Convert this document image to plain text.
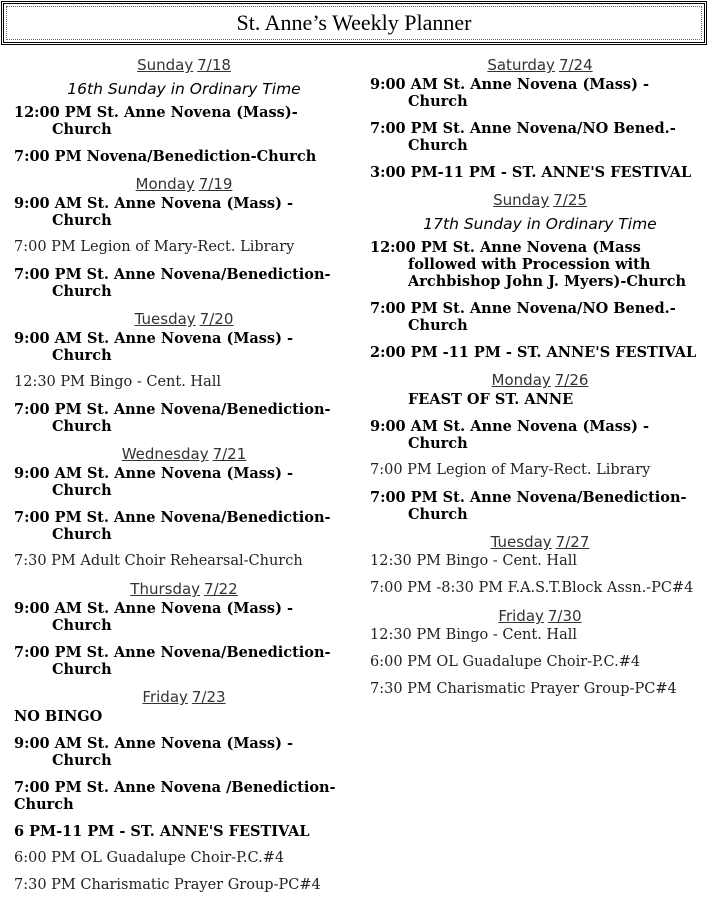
St. Anne’s Weekly Planner
Sunday 7/18
16th Sunday in Ordinary Time
12:00 PM St. Anne Novena (Mass)-Church
7:00 PM Novena/Benediction-Church
Monday 7/19
9:00 AM St. Anne Novena (Mass) - Church
7:00 PM Legion of Mary-Rect. Library
7:00 PM St. Anne Novena/Benediction-Church
Tuesday 7/20
9:00 AM St. Anne Novena (Mass) - Church
12:30 PM Bingo - Cent. Hall
7:00 PM St. Anne Novena/Benediction-Church
Wednesday 7/21
9:00 AM St. Anne Novena (Mass) - Church
7:00 PM St. Anne Novena/Benediction-Church
7:30 PM Adult Choir Rehearsal-Church
Thursday 7/22
9:00 AM St. Anne Novena (Mass) - Church
7:00 PM St. Anne Novena/Benediction-Church
Friday 7/23
NO BINGO
9:00 AM St. Anne Novena (Mass) - Church
7:00 PM St. Anne Novena /Benediction-Church
6 PM-11 PM - ST. ANNE'S FESTIVAL
6:00 PM OL Guadalupe Choir-P.C.#4
7:30 PM Charismatic Prayer Group-PC#4
Saturday 7/24
9:00 AM St. Anne Novena (Mass) - Church
7:00 PM St. Anne Novena/NO Bened.-Church
3:00 PM-11 PM - ST. ANNE'S FESTIVAL
Sunday 7/25
17th Sunday in Ordinary Time
12:00 PM St. Anne Novena (Mass followed with Procession with Archbishop John J. Myers)-Church
7:00 PM St. Anne Novena/NO Bened.-Church
2:00 PM -11 PM - ST. ANNE'S FESTIVAL
Monday 7/26
FEAST OF ST. ANNE
9:00 AM St. Anne Novena (Mass) - Church
7:00 PM Legion of Mary-Rect. Library
7:00 PM St. Anne Novena/Benediction-Church
Tuesday 7/27
12:30 PM Bingo - Cent. Hall
7:00 PM -8:30 PM F.A.S.T.Block Assn.-PC#4
Friday 7/30
12:30 PM Bingo - Cent. Hall
6:00 PM OL Guadalupe Choir-P.C.#4
7:30 PM Charismatic Prayer Group-PC#4
